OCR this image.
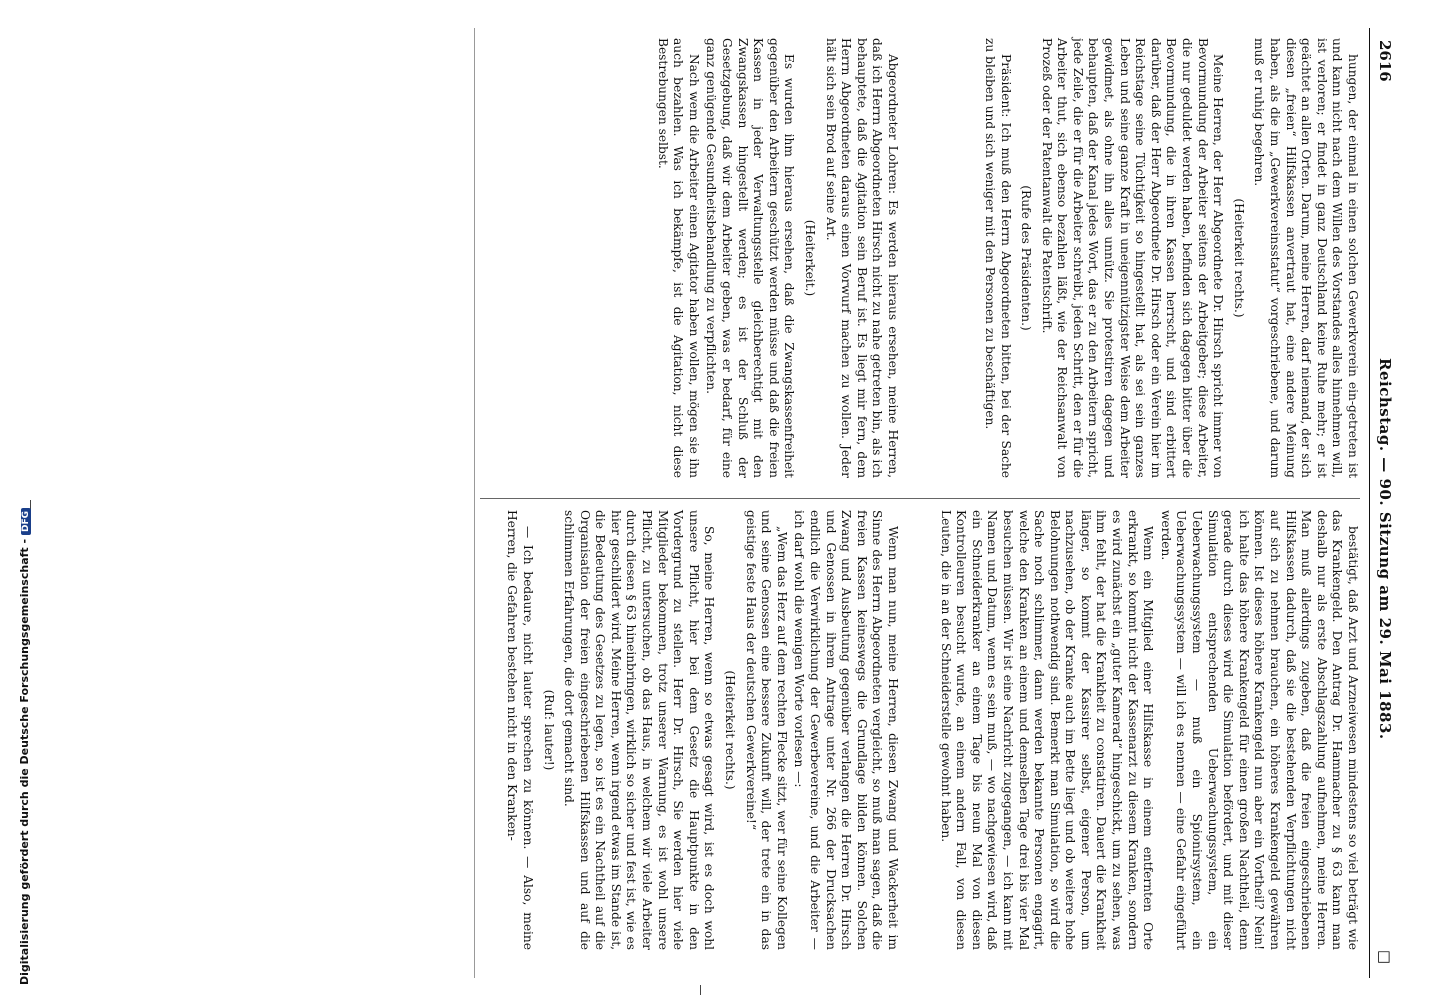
2616
Reichstag. — 90. Sitzung am 29. Mai 1883.
□

hungen, der einmal in einen solchen Gewerkverein ein-getreten ist und kann nicht nach dem Willen des Vorstandes alles hinnehmen will, ist verloren; er findet in ganz Deutschland keine Ruhe mehr; er ist geächtet an allen Orten. Darum, meine Herren, darf niemand, der sich diesen „freien“ Hilfskassen anvertraut hat, eine andere Meinung haben, als die im „Gewerkvereinsstatut“ vorgeschriebene, und darum muß er ruhig begehren.

(Heiterkeit rechts.)

Meine Herren, der Herr Abgeordnete Dr. Hirsch spricht immer von Bevormundung der Arbeiter seitens der Arbeitgeber; diese Arbeiter, die nur geduldet werden haben, befinden sich dagegen bitter über die Bevormundung, die in ihren Kassen herrscht, und sind erbittert darüber, daß der Herr Abgeordnete Dr. Hirsch oder ein Verein hier im Reichstage seine Tüchtigkeit so hingestellt hat, als sei sein ganzes Leben und seine ganze Kraft in uneigennützigster Weise dem Arbeiter gewidmet, als ohne ihn alles unnütz. Sie protestiren dagegen und behaupten, daß der Kanal jedes Wort, das er zu den Arbeitern spricht, jede Zeile, die er für die Arbeiter schreibt, jeden Schritt, den er für die Arbeiter thut, sich ebenso bezahlen läßt, wie der Reichsanwalt von Prozeß oder der Patentanwalt die Patentschrift.

(Rufe des Präsidenten.)

Präsident: Ich muß den Herrn Abgeordneten bitten, bei der Sache zu bleiben und sich weniger mit den Personen zu beschäftigen.

Abgeordneter Lohren: Es werden hieraus ersehen, meine Herren, daß ich Herrn Abgeordneten Hirsch nicht zu nahe getreten bin, als ich behauptete, daß die Agitation sein Beruf ist. Es liegt mir fern, dem Herrn Abgeordneten daraus einen Vorwurf machen zu wollen. Jeder hält sich sein Brod auf seine Art.

(Heiterkeit.)

Es wurden ihm hieraus ersehen, daß die Zwangskassenfreiheit gegenüber den Arbeitern geschützt werden müsse und daß die freien Kassen in jeder Verwaltungsstelle gleichberechtigt mit den Zwangskassen hingestellt werden; es ist der Schluß der Gesetzgebung, daß wir dem Arbeiter geben, was er bedarf, für eine ganz genügende Gesundheitsbehandlung zu verpflichten.

Nach wem die Arbeiter einen Agitator haben wollen, mögen sie ihn auch bezahlen. Was ich bekämpfe, ist die Agitation, nicht diese Bestrebungen selbst.

bestätigt, daß Arzt und Arzneiwesen mindestens so viel beträgt wie das Krankengeld. Den Antrag Dr. Hammacher zu § 63 kann man deshalb nur als erste Abschlagszahlung aufnehmen, meine Herren. Man muß allerdings zugeben, daß die freien eingeschriebenen Hilfskassen dadurch, daß sie die bestehenden Verpflichtungen nicht auf sich zu nehmen brauchen, ein höheres Krankengeld gewähren können. Ist dieses höhere Krankengeld nun aber ein Vortheil? Nein! ich halte das höhere Krankengeld für einen großen Nachtheil, denn gerade durch dieses wird die Simulation befördert, und mit dieser Simulation entsprechenden Ueberwachungssystem, ein Ueberwachungssystem — muß ein Spionirsystem, ein Ueberwachungssystem — will ich es nennen — eine Gefahr eingeführt werden.

Wenn ein Mitglied einer Hilfskasse in einem entfernten Orte erkrankt, so kommt nicht der Kassenarzt zu diesem Kranken, sondern es wird zunächst ein „guter Kamerad“ hingeschickt, um zu sehen, was ihm fehlt, der hat die Krankheit zu constatiren. Dauert die Krankheit länger, so kommt der Kassirer selbst, eigener Person, um nachzusehen, ob der Kranke auch im Bette liegt und ob weitere hohe Belohnungen nothwendig sind. Bemerkt man Simulation, so wird die Sache noch schlimmer, dann werden bekannte Personen engagirt, welche den Kranken an einem und demselben Tage drei bis vier Mal besuchen müssen. Wir ist eine Nachricht zugegangen, — ich kann mit Namen und Datum, wenn es sein muß, — wo nachgewiesen wird, daß ein Schneiderkranker an einem Tage bis neun Mal von diesen Kontrolleuren besucht wurde, an einem andern Fall, von diesen Leuten, die in an der Schneiderstelle gewohnt haben.

Wenn man nun, meine Herren, diesen Zwang und Wackerheit im Sinne des Herrn Abgeordneten vergleicht, so muß man sagen, daß die freien Kassen keineswegs die Grundlage bilden können. Solchen Zwang und Ausbeutung gegenüber verlangen die Herren Dr. Hirsch und Genossen in ihrem Antrage unter Nr. 266 der Drucksachen endlich die Verwirklichung der Gewerbevereine, und die Arbeiter — ich darf wohl die wenigen Worte vorlesen —:

„Wem das Herz auf dem rechten Flecke sitzt, wer für seine Kollegen und seine Genossen eine bessere Zukunft will, der trete ein in das geistige feste Haus der deutschen Gewerkvereine!“

(Heiterkeit rechts.)

So, meine Herren, wenn so etwas gesagt wird, ist es doch wohl unsere Pflicht, hier bei dem Gesetz die Hauptpunkte in den Vordergrund zu stellen. Herr Dr. Hirsch, Sie werden hier viele Mitglieder bekommen, trotz unserer Warnung, es ist wohl unsere Pflicht, zu untersuchen, ob das Haus, in welchem wir viele Arbeiter durch diesen § 63 hineinbringen, wirklich so sicher und fest ist, wie es hier geschildert wird. Meine Herren, wenn irgend etwas im Stande ist, die Bedeutung des Gesetzes zu legen, so ist es ein Nachtheil auf die Organisation der freien eingeschriebenen Hilfskassen und auf die schlimmen Erfahrungen, die dort gemacht sind.

(Ruf: lauter!)

— Ich bedaure, nicht lauter sprechen zu können. — Also, meine Herren, die Gefahren bestehen nicht in den Kranken-

Digitalisierung gefördert durch die Deutsche Forschungsgemeinschaft -DFG
